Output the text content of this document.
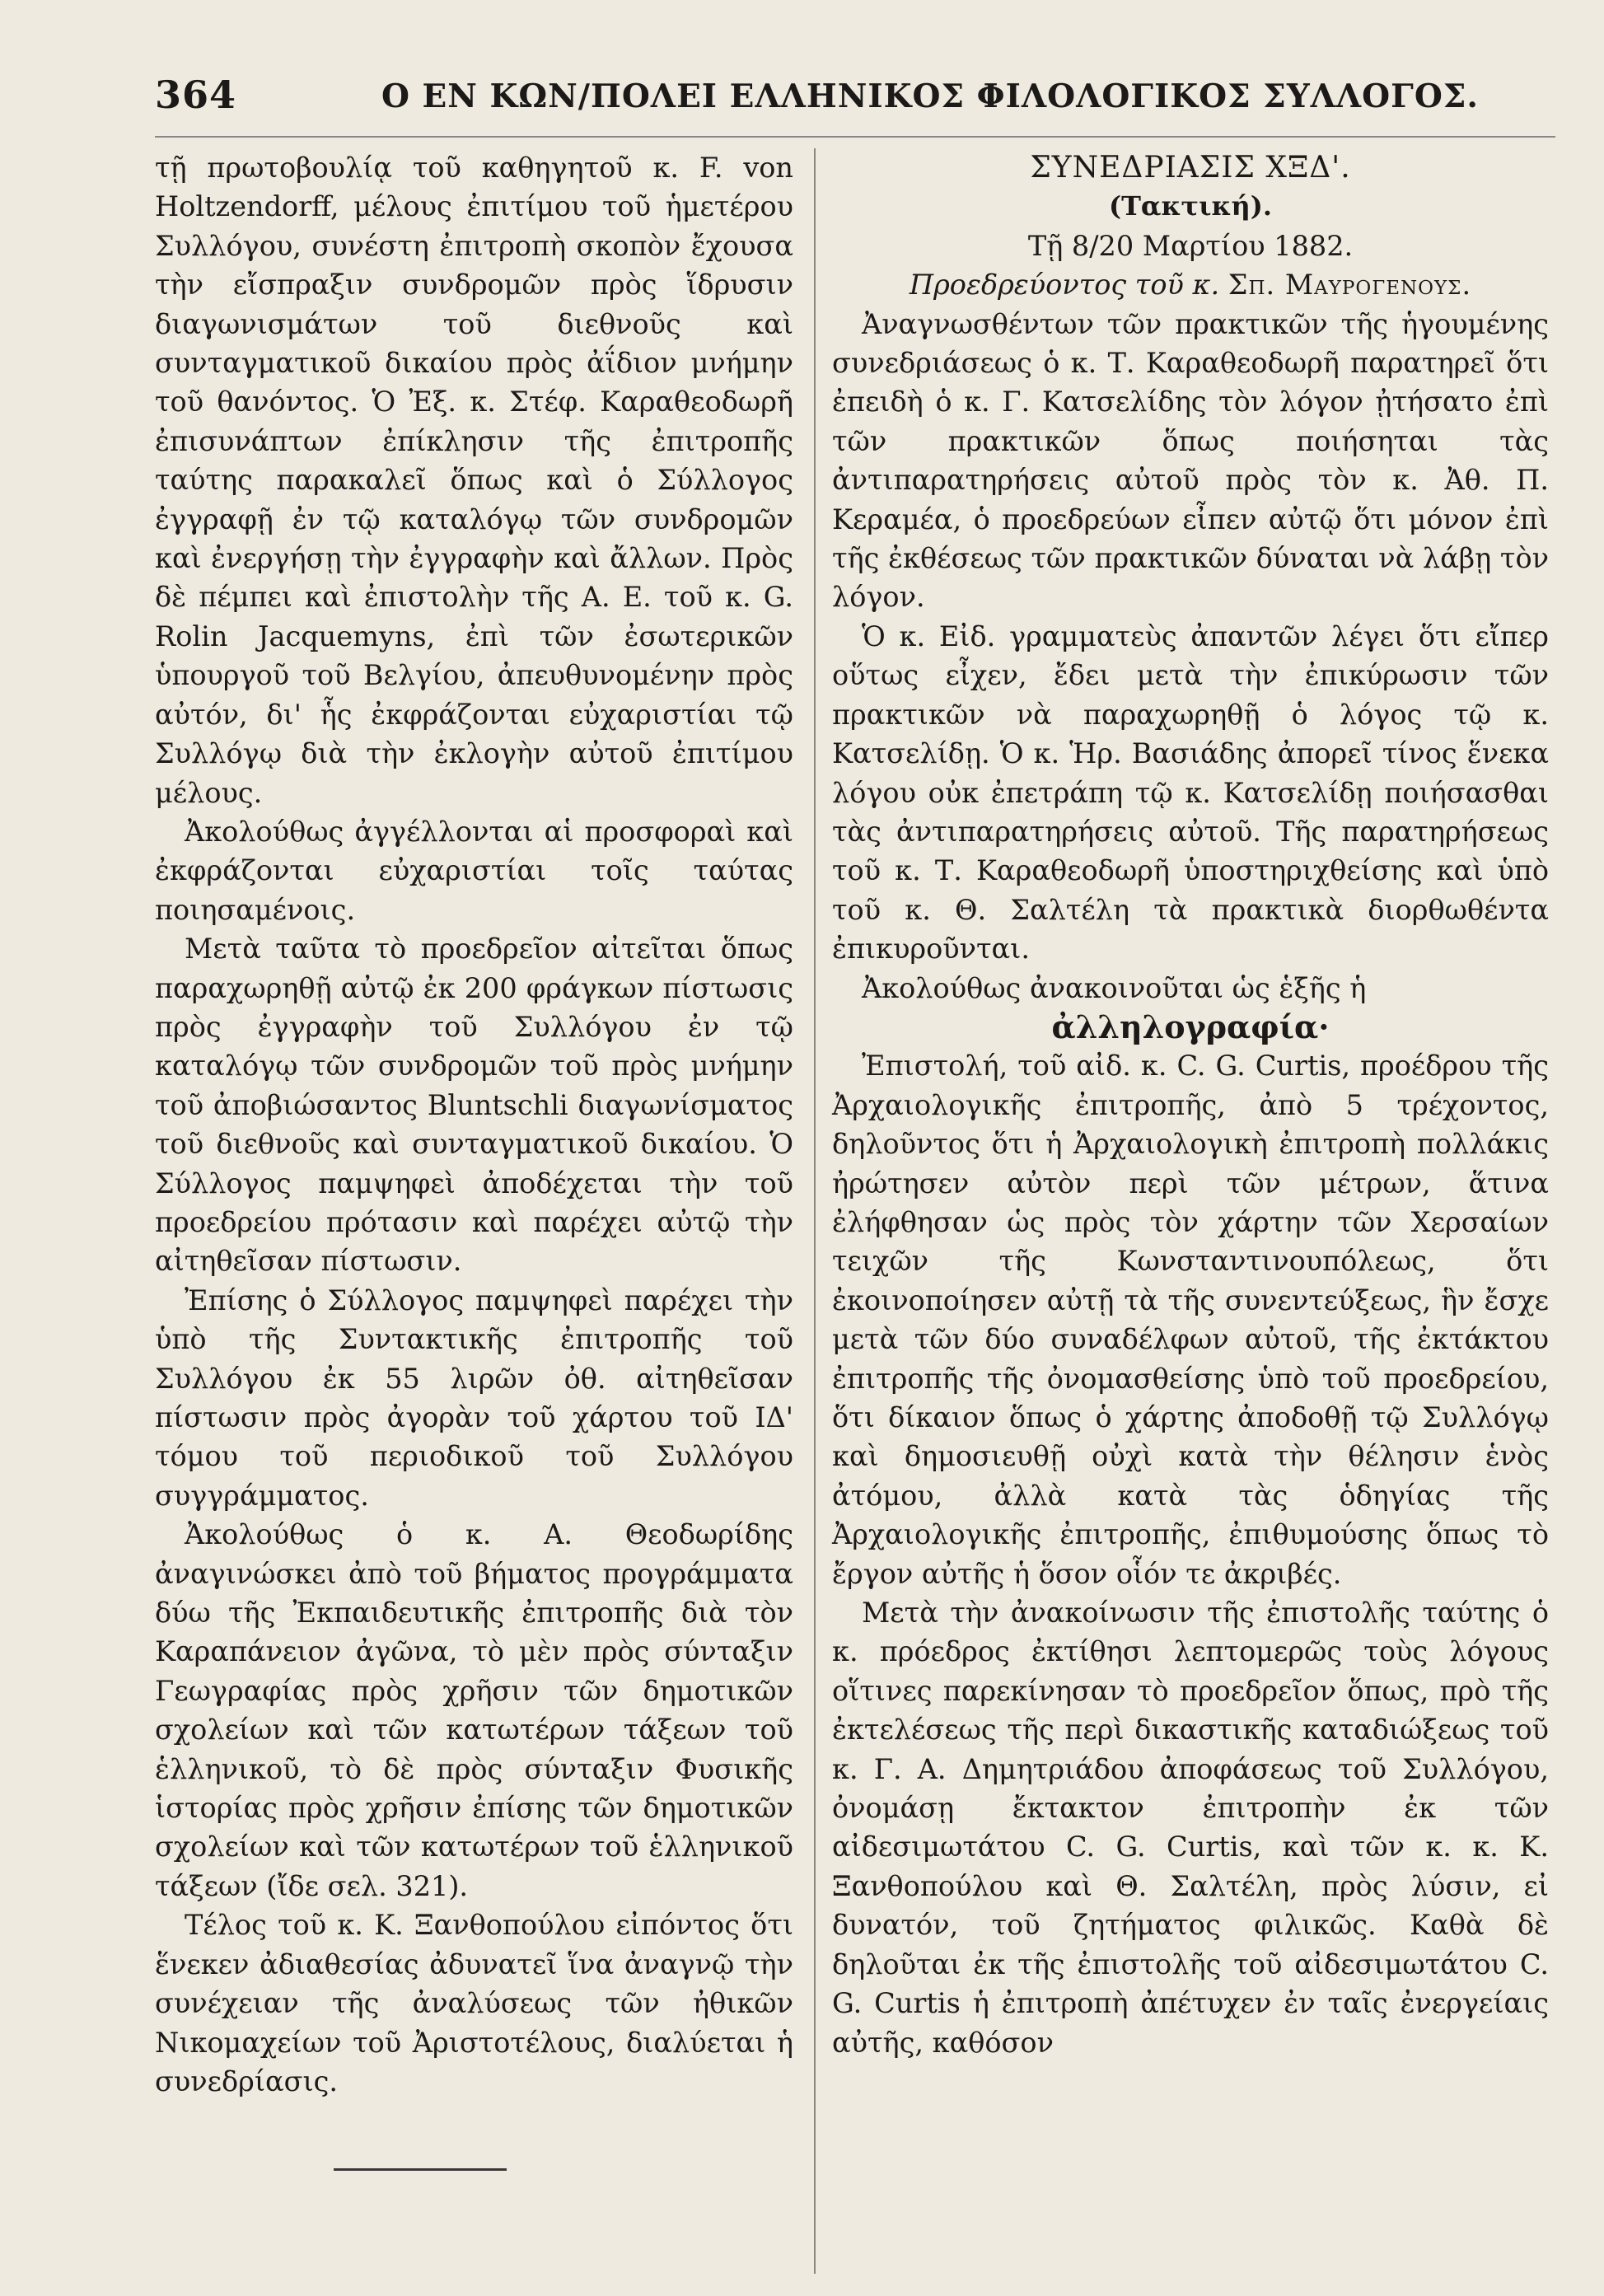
364	Ο ΕΝ ΚΩΝ/ΠΟΛΕΙ ΕΛΛΗΝΙΚΟΣ ΦΙΛΟΛΟΓΙΚΟΣ ΣΥΛΛΟΓΟΣ.

τῇ πρωτοβουλίᾳ τοῦ καθηγητοῦ κ. F. von Holtzendorff, μέλους ἐπιτίμου τοῦ ἡμετέρου Συλλόγου, συνέστη ἐπιτροπὴ σκοπὸν ἔχουσα τὴν εἴσπραξιν συνδρομῶν πρὸς ἵδρυσιν διαγωνισμάτων τοῦ διεθνοῦς καὶ συνταγματικοῦ δικαίου πρὸς ἀΐδιον μνήμην τοῦ θανόντος. Ὁ Ἐξ. κ. Στέφ. Καραθεοδωρῆ ἐπισυνάπτων ἐπίκλησιν τῆς ἐπιτροπῆς ταύτης παρακαλεῖ ὅπως καὶ ὁ Σύλλογος ἐγγραφῇ ἐν τῷ καταλόγῳ τῶν συνδρομῶν καὶ ἐνεργήσῃ τὴν ἐγγραφὴν καὶ ἄλλων. Πρὸς δὲ πέμπει καὶ ἐπιστολὴν τῆς Α. Ε. τοῦ κ. G. Rolin Jacquemyns, ἐπὶ τῶν ἐσωτερικῶν ὑπουργοῦ τοῦ Βελγίου, ἀπευθυνομένην πρὸς αὐτόν, δι' ἧς ἐκφράζονται εὐχαριστίαι τῷ Συλλόγῳ διὰ τὴν ἐκλογὴν αὐτοῦ ἐπιτίμου μέλους.

Ἀκολούθως ἀγγέλλονται αἱ προσφοραὶ καὶ ἐκφράζονται εὐχαριστίαι τοῖς ταύτας ποιησαμένοις.

Μετὰ ταῦτα τὸ προεδρεῖον αἰτεῖται ὅπως παραχωρηθῇ αὐτῷ ἐκ 200 φράγκων πίστωσις πρὸς ἐγγραφὴν τοῦ Συλλόγου ἐν τῷ καταλόγῳ τῶν συνδρομῶν τοῦ πρὸς μνήμην τοῦ ἀποβιώσαντος Bluntschli διαγωνίσματος τοῦ διεθνοῦς καὶ συνταγματικοῦ δικαίου. Ὁ Σύλλογος παμψηφεὶ ἀποδέχεται τὴν τοῦ προεδρείου πρότασιν καὶ παρέχει αὐτῷ τὴν αἰτηθεῖσαν πίστωσιν.

Ἐπίσης ὁ Σύλλογος παμψηφεὶ παρέχει τὴν ὑπὸ τῆς Συντακτικῆς ἐπιτροπῆς τοῦ Συλλόγου ἐκ 55 λιρῶν ὀθ. αἰτηθεῖσαν πίστωσιν πρὸς ἀγορὰν τοῦ χάρτου τοῦ ΙΔ' τόμου τοῦ περιοδικοῦ τοῦ Συλλόγου συγγράμματος.

Ἀκολούθως ὁ κ. Α. Θεοδωρίδης ἀναγινώσκει ἀπὸ τοῦ βήματος προγράμματα δύω τῆς Ἐκπαιδευτικῆς ἐπιτροπῆς διὰ τὸν Καραπάνειον ἀγῶνα, τὸ μὲν πρὸς σύνταξιν Γεωγραφίας πρὸς χρῆσιν τῶν δημοτικῶν σχολείων καὶ τῶν κατωτέρων τάξεων τοῦ ἑλληνικοῦ, τὸ δὲ πρὸς σύνταξιν Φυσικῆς ἱστορίας πρὸς χρῆσιν ἐπίσης τῶν δημοτικῶν σχολείων καὶ τῶν κατωτέρων τοῦ ἑλληνικοῦ τάξεων (ἴδε σελ. 321).

Τέλος τοῦ κ. Κ. Ξανθοπούλου εἰπόντος ὅτι ἕνεκεν ἀδιαθεσίας ἀδυνατεῖ ἵνα ἀναγνῷ τὴν συνέχειαν τῆς ἀναλύσεως τῶν ἠθικῶν Νικομαχείων τοῦ Ἀριστοτέλους, διαλύεται ἡ συνεδρίασις.

ΣΥΝΕΔΡΙΑΣΙΣ ΧΞΔ'.

(Τακτική).

Τῇ 8/20 Μαρτίου 1882.

Προεδρεύοντος τοῦ κ. Σπ. Μαυρογενους.

Ἀναγνωσθέντων τῶν πρακτικῶν τῆς ἡγουμένης συνεδριάσεως ὁ κ. Τ. Καραθεοδωρῆ παρατηρεῖ ὅτι ἐπειδὴ ὁ κ. Γ. Κατσελίδης τὸν λόγον ᾐτήσατο ἐπὶ τῶν πρακτικῶν ὅπως ποιήσηται τὰς ἀντιπαρατηρήσεις αὐτοῦ πρὸς τὸν κ. Ἀθ. Π. Κεραμέα, ὁ προεδρεύων εἶπεν αὐτῷ ὅτι μόνον ἐπὶ τῆς ἐκθέσεως τῶν πρακτικῶν δύναται νὰ λάβῃ τὸν λόγον.

Ὁ κ. Εἰδ. γραμματεὺς ἀπαντῶν λέγει ὅτι εἴπερ οὕτως εἶχεν, ἔδει μετὰ τὴν ἐπικύρωσιν τῶν πρακτικῶν νὰ παραχωρηθῇ ὁ λόγος τῷ κ. Κατσελίδῃ. Ὁ κ. Ἡρ. Βασιάδης ἀπορεῖ τίνος ἕνεκα λόγου οὐκ ἐπετράπη τῷ κ. Κατσελίδῃ ποιήσασθαι τὰς ἀντιπαρατηρήσεις αὐτοῦ. Τῆς παρατηρήσεως τοῦ κ. Τ. Καραθεοδωρῆ ὑποστηριχθείσης καὶ ὑπὸ τοῦ κ. Θ. Σαλτέλη τὰ πρακτικὰ διορθωθέντα ἐπικυροῦνται.

Ἀκολούθως ἀνακοινοῦται ὡς ἑξῆς ἡ

ἀλληλογραφία·

Ἐπιστολή, τοῦ αἰδ. κ. C. G. Curtis, προέδρου τῆς Ἀρχαιολογικῆς ἐπιτροπῆς, ἀπὸ 5 τρέχοντος, δηλοῦντος ὅτι ἡ Ἀρχαιολογικὴ ἐπιτροπὴ πολλάκις ἠρώτησεν αὐτὸν περὶ τῶν μέτρων, ἅτινα ἐλήφθησαν ὡς πρὸς τὸν χάρτην τῶν Χερσαίων τειχῶν τῆς Κωνσταντινουπόλεως, ὅτι ἐκοινοποίησεν αὐτῇ τὰ τῆς συνεντεύξεως, ἣν ἔσχε μετὰ τῶν δύο συναδέλφων αὐτοῦ, τῆς ἐκτάκτου ἐπιτροπῆς τῆς ὀνομασθείσης ὑπὸ τοῦ προεδρείου, ὅτι δίκαιον ὅπως ὁ χάρτης ἀποδοθῇ τῷ Συλλόγῳ καὶ δημοσιευθῇ οὐχὶ κατὰ τὴν θέλησιν ἑνὸς ἀτόμου, ἀλλὰ κατὰ τὰς ὁδηγίας τῆς Ἀρχαιολογικῆς ἐπιτροπῆς, ἐπιθυμούσης ὅπως τὸ ἔργον αὐτῆς ἡ ὅσον οἷόν τε ἀκριβές.

Μετὰ τὴν ἀνακοίνωσιν τῆς ἐπιστολῆς ταύτης ὁ κ. πρόεδρος ἐκτίθησι λεπτομερῶς τοὺς λόγους οἵτινες παρεκίνησαν τὸ προεδρεῖον ὅπως, πρὸ τῆς ἐκτελέσεως τῆς περὶ δικαστικῆς καταδιώξεως τοῦ κ. Γ. Α. Δημητριάδου ἀποφάσεως τοῦ Συλλόγου, ὀνομάσῃ ἔκτακτον ἐπιτροπὴν ἐκ τῶν αἰδεσιμωτάτου C. G. Curtis, καὶ τῶν κ. κ. Κ. Ξανθοπούλου καὶ Θ. Σαλτέλη, πρὸς λύσιν, εἰ δυνατόν, τοῦ ζητήματος φιλικῶς. Καθὰ δὲ δηλοῦται ἐκ τῆς ἐπιστολῆς τοῦ αἰδεσιμωτάτου C. G. Curtis ἡ ἐπιτροπὴ ἀπέτυχεν ἐν ταῖς ἐνεργείαις αὐτῆς, καθόσον
